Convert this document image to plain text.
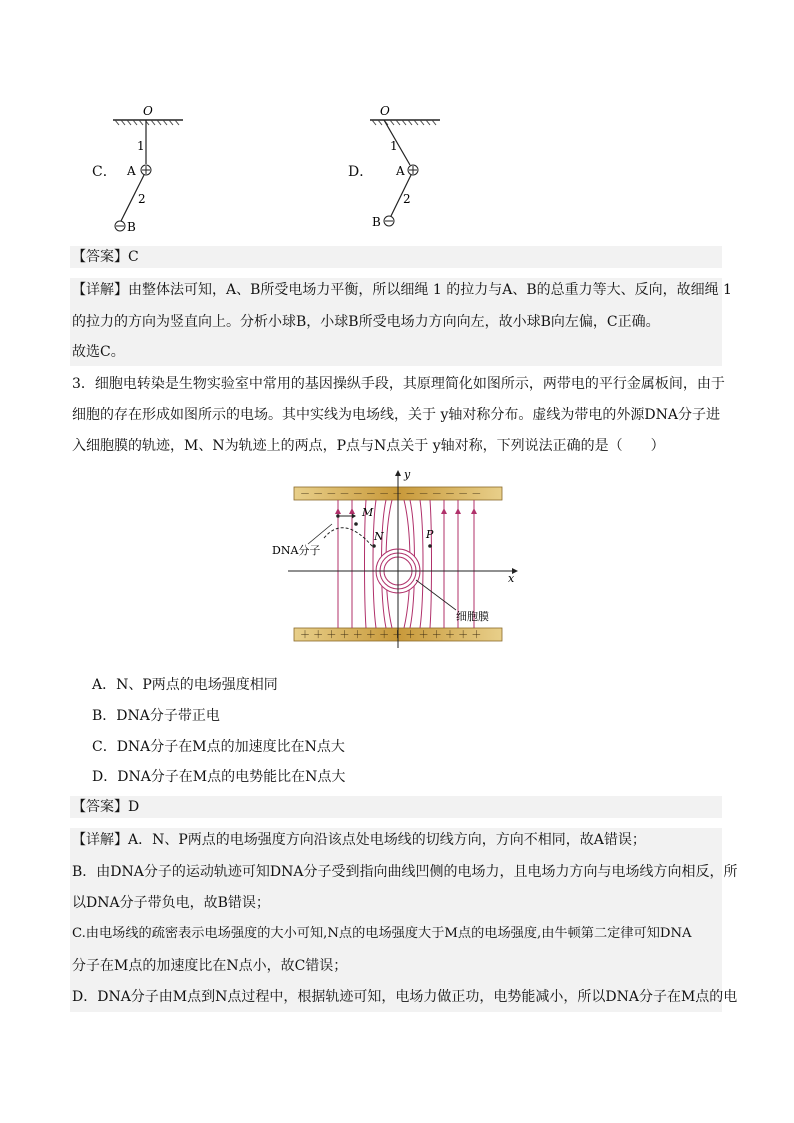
C．
O
1
A
2
B
D．
O
1
A
2
B
【答案】C
【详解】由整体法可知，A、B所受电场力平衡，所以细绳 1 的拉力与A、B的总重力等大、反向，故细绳 1
的拉力的方向为竖直向上。分析小球B，小球B所受电场力方向向左，故小球B向左偏，C正确。
故选C。
3．细胞电转染是生物实验室中常用的基因操纵手段，其原理简化如图所示，两带电的平行金属板间，由于
细胞的存在形成如图所示的电场。其中实线为电场线，关于 y轴对称分布。虚线为带电的外源DNA分子进
入细胞膜的轨迹，M、N为轨迹上的两点，P点与N点关于 y轴对称，下列说法正确的是（　　）
－ － － － － － － － － － － － － －
＋ ＋ ＋ ＋ ＋ ＋ ＋ ＋ ＋ ＋ ＋ ＋ ＋ ＋
x
y
细胞膜
M
N	P
DNA分子
A．N、P两点的电场强度相同
B．DNA分子带正电
C．DNA分子在M点的加速度比在N点大
D．DNA分子在M点的电势能比在N点大
【答案】D
【详解】A．N、P两点的电场强度方向沿该点处电场线的切线方向，方向不相同，故A错误；
B．由DNA分子的运动轨迹可知DNA分子受到指向曲线凹侧的电场力，且电场力方向与电场线方向相反，所
以DNA分子带负电，故B错误；
C.由电场线的疏密表示电场强度的大小可知,N点的电场强度大于M点的电场强度,由牛顿第二定律可知DNA
分子在M点的加速度比在N点小，故C错误；
D．DNA分子由M点到N点过程中，根据轨迹可知，电场力做正功，电势能减小，所以DNA分子在M点的电
